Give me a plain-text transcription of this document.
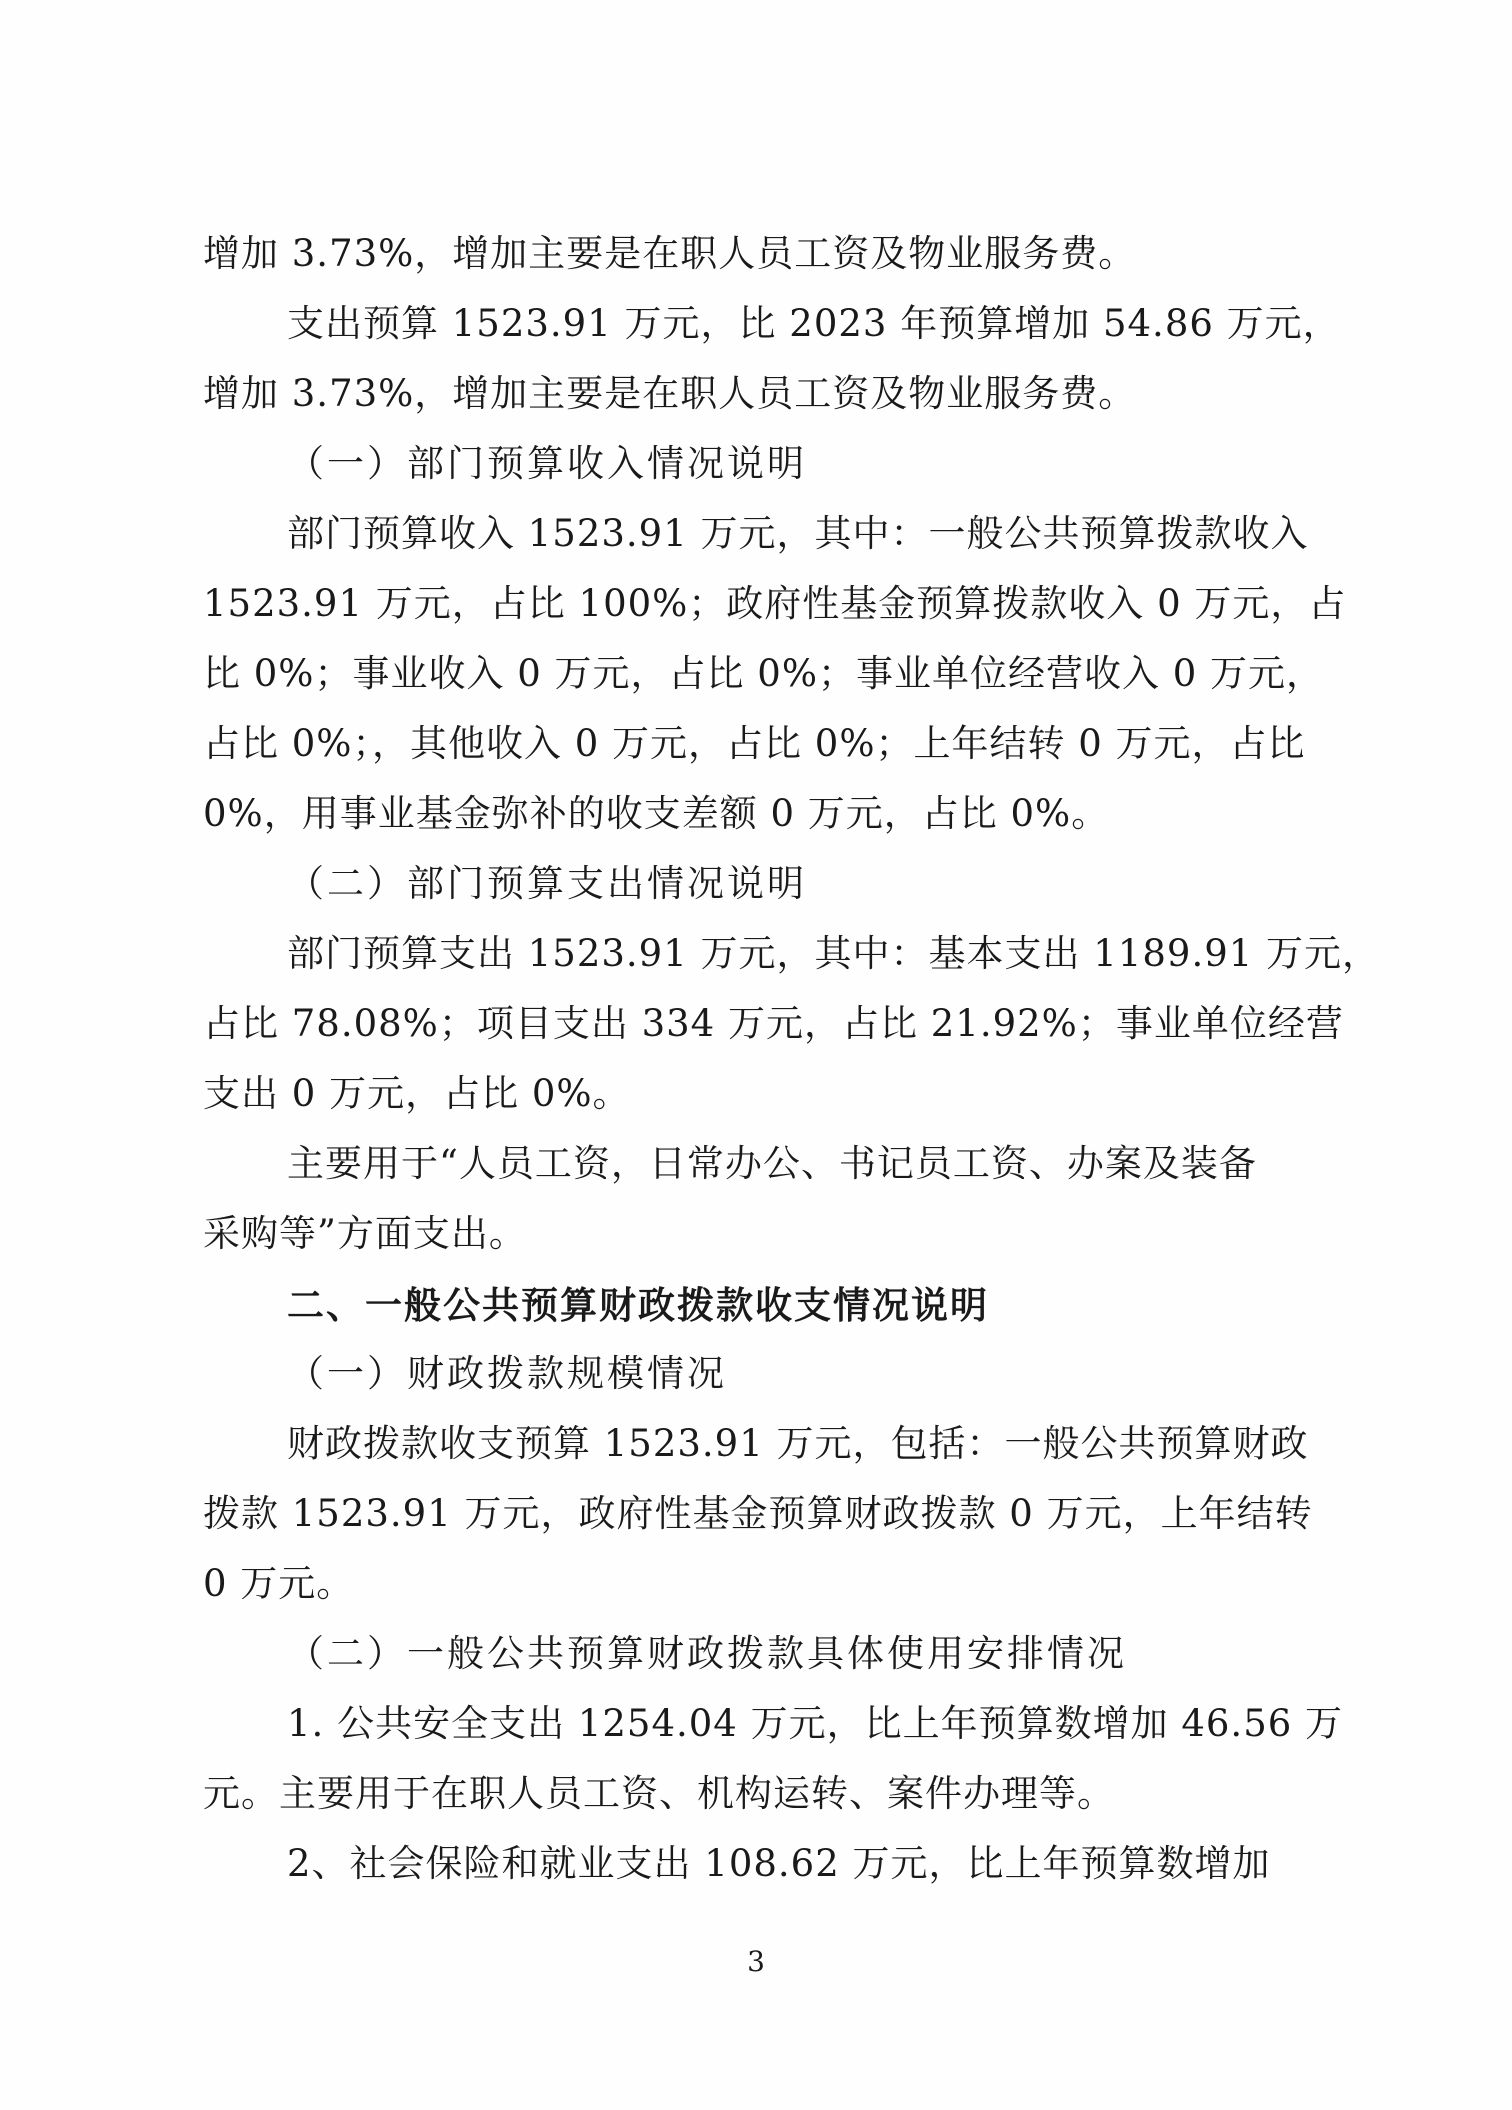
增加 3.73%，增加主要是在职人员工资及物业服务费。
支出预算 1523.91 万元，比 2023 年预算增加 54.86 万元，
增加 3.73%，增加主要是在职人员工资及物业服务费。
（一）部门预算收入情况说明
部门预算收入 1523.91 万元，其中：一般公共预算拨款收入
1523.91 万元，占比 100%；政府性基金预算拨款收入 0 万元，占
比 0%；事业收入 0 万元，占比 0%；事业单位经营收入 0 万元，
占比 0%；，其他收入 0 万元，占比 0%；上年结转 0 万元，占比
0%，用事业基金弥补的收支差额 0 万元，占比 0%。
（二）部门预算支出情况说明
部门预算支出 1523.91 万元，其中：基本支出 1189.91 万元，
占比 78.08%；项目支出 334 万元，占比 21.92%；事业单位经营
支出 0 万元，占比 0%。
主要用于“人员工资，日常办公、书记员工资、办案及装备
采购等”方面支出。
二、一般公共预算财政拨款收支情况说明
（一）财政拨款规模情况
财政拨款收支预算 1523.91 万元，包括：一般公共预算财政
拨款 1523.91 万元，政府性基金预算财政拨款 0 万元，上年结转
0 万元。
（二）一般公共预算财政拨款具体使用安排情况
1. 公共安全支出 1254.04 万元，比上年预算数增加 46.56 万
元。主要用于在职人员工资、机构运转、案件办理等。
2、社会保险和就业支出 108.62 万元，比上年预算数增加
3
